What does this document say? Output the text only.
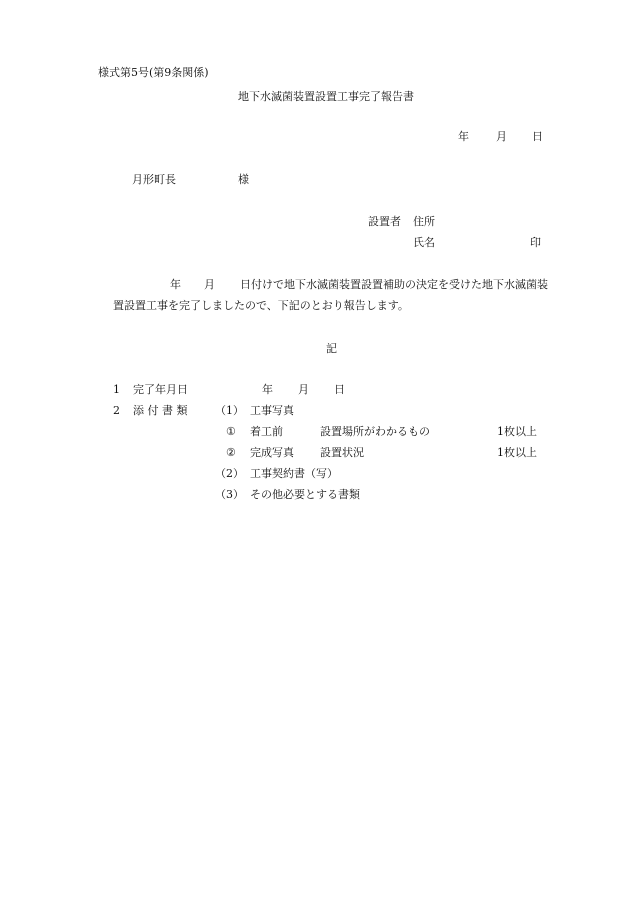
様式第5号(第9条関係)
地下水滅菌装置設置工事完了報告書
年 月 日
月形町長	様
設置者 住所
氏名	印
年 月 日付けで地下水滅菌装置設置補助の決定を受けた地下水滅菌装
置設置工事を完了しましたので、下記のとおり報告します。
記
1 完了年月日	年 月 日
2 添 付 書 類	（1） 工事写真
① 着工前	設置場所がわかるもの	1枚以上
② 完成写真 設置状況	1枚以上
（2） 工事契約書（写）
（3） その他必要とする書類
